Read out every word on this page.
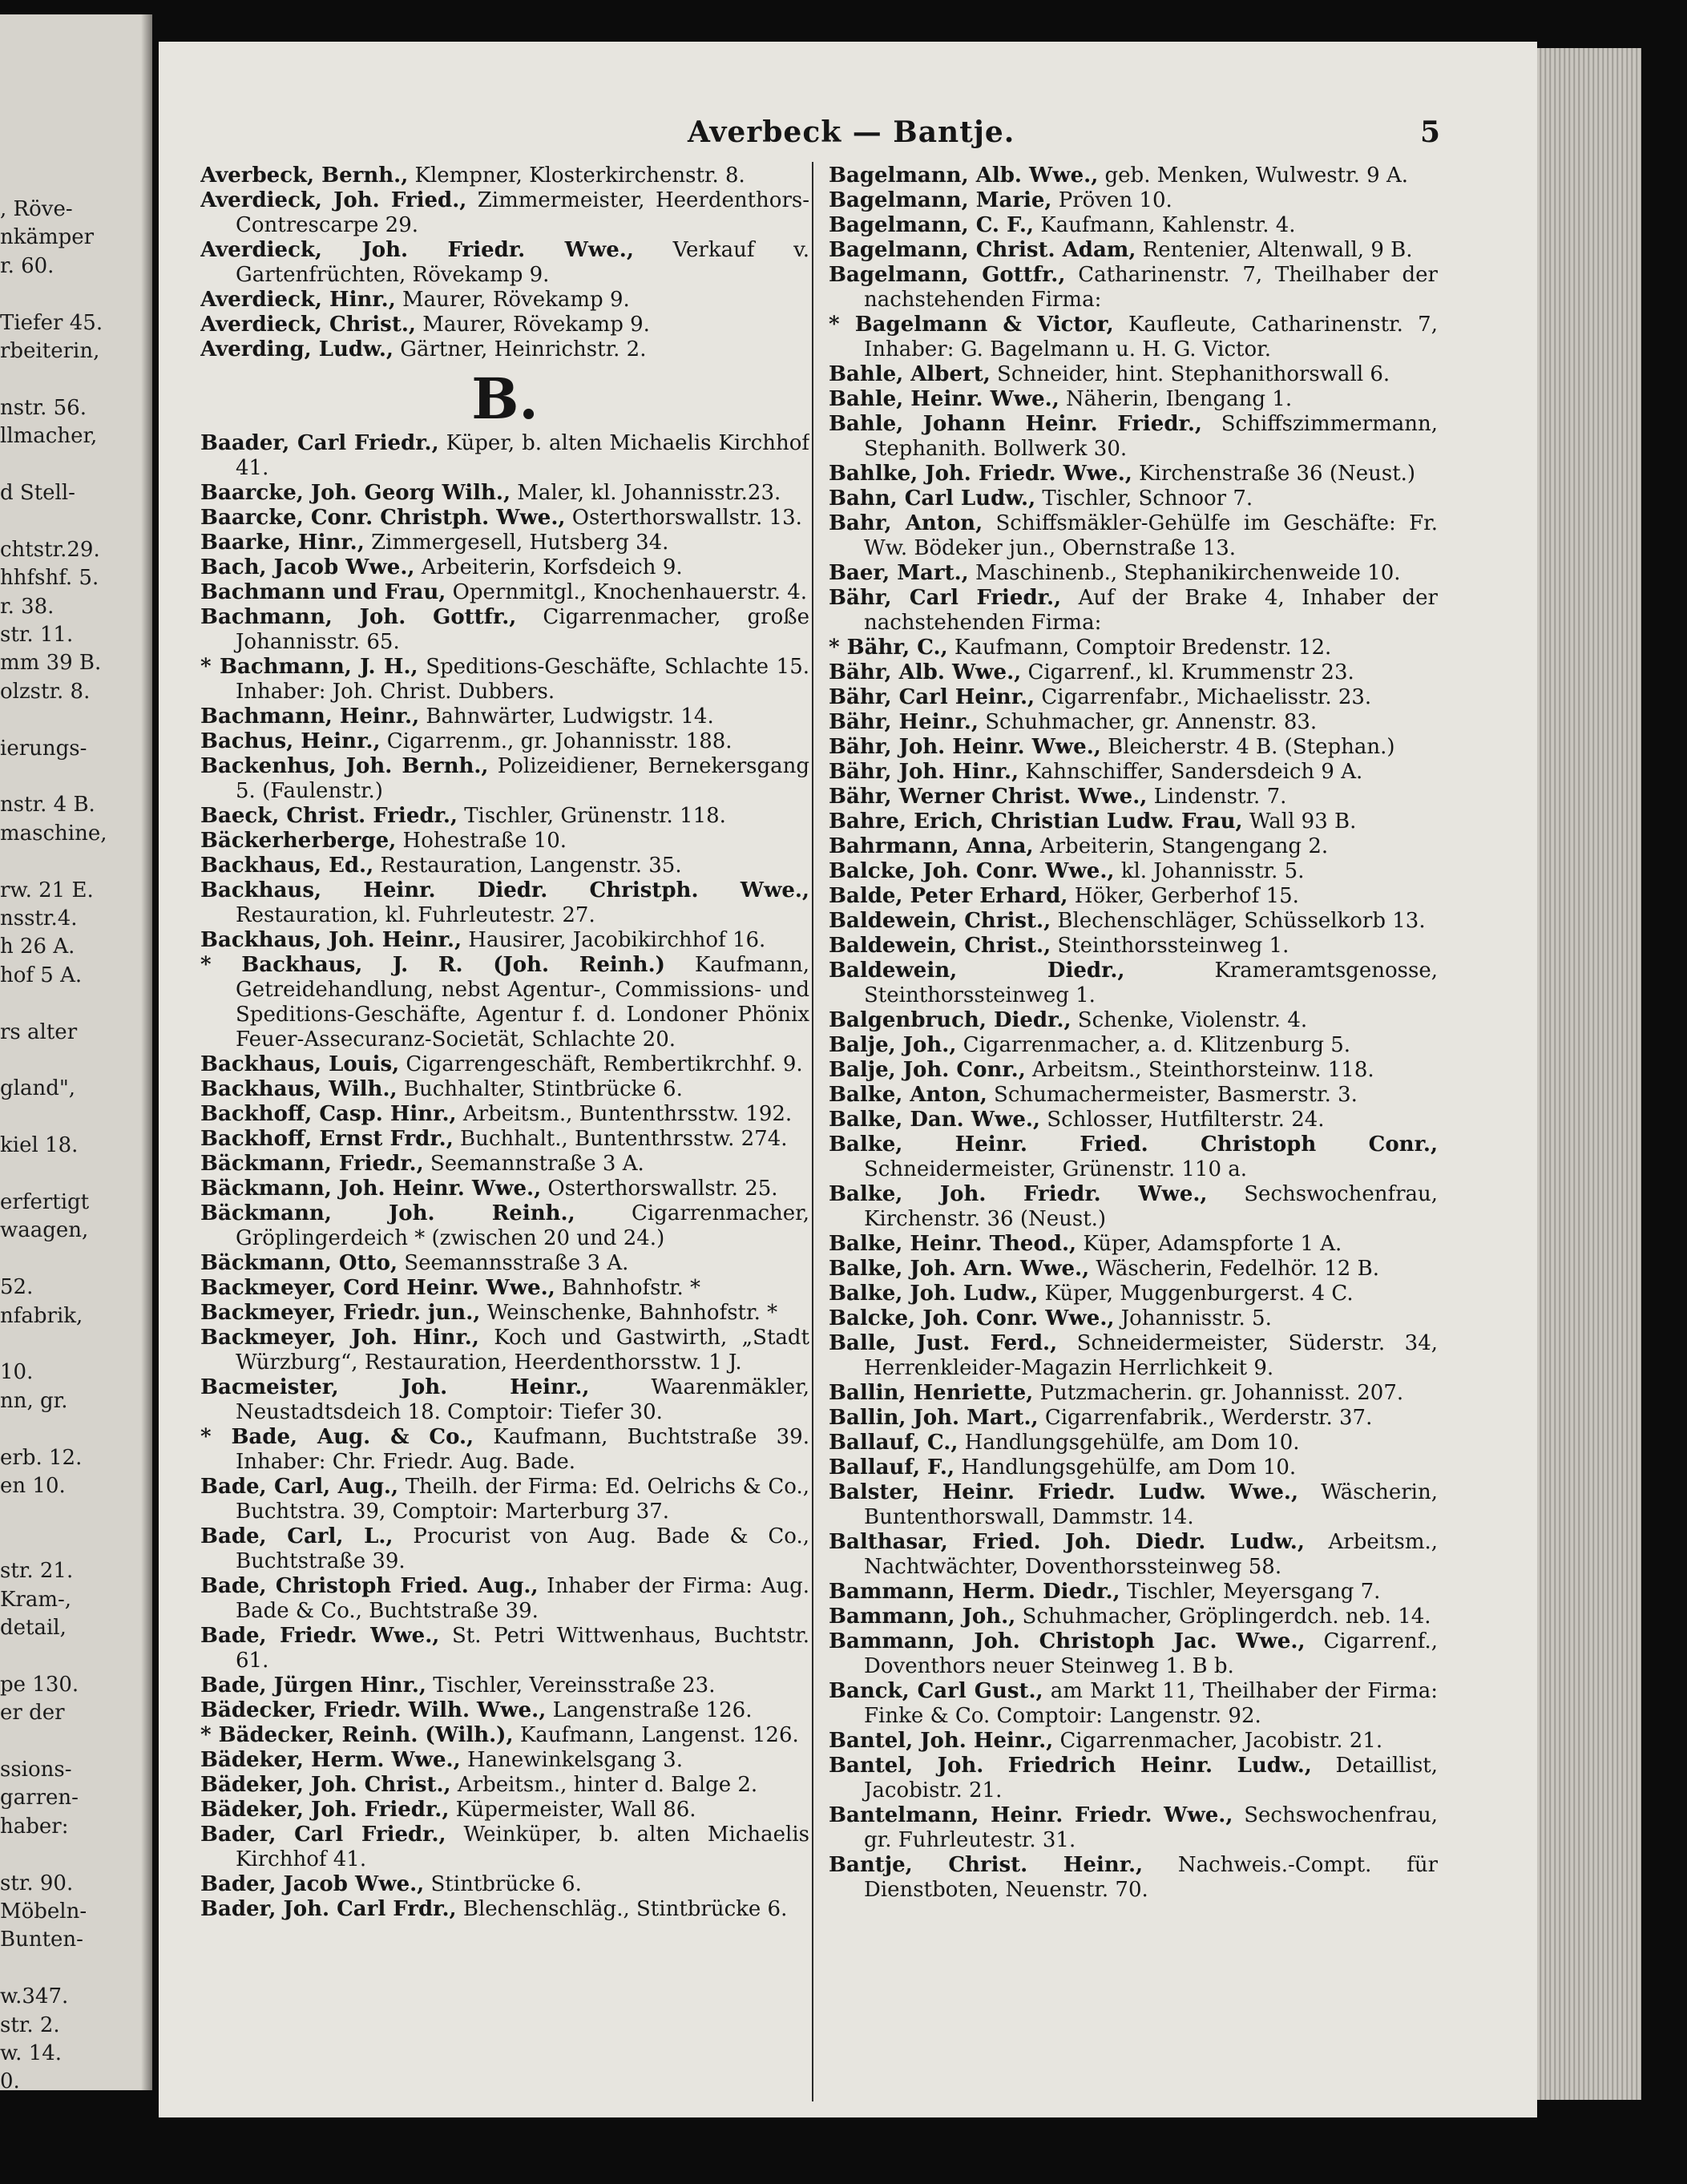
, Röve-
nkämper
r. 60.
Tiefer 45.
rbeiterin,
nstr. 56.
llmacher,
d Stell-
chtstr.29.
hhfshf. 5.
r. 38.
str. 11.
mm 39 B.
olzstr. 8.
ierungs-
nstr. 4 B.
maschine,
rw. 21 E.
nsstr.4.
h 26 A.
hof 5 A.
rs alter
gland",
kiel 18.
erfertigt
waagen,
52.
nfabrik,
10.
nn, gr.
erb. 12.
en 10.
str. 21.
Kram-,
detail,
pe 130.
er der
ssions-
garren-
haber:
str. 90.
Möbeln-
Bunten-
w.347.
str. 2.
w. 14.
0.
Averbeck — Bantje.	5

Averbeck, Bernh., Klempner, Klosterkirchenstr. 8.

Averdieck, Joh. Fried., Zimmermeister, Heerdenthors-Contrescarpe 29.

Averdieck, Joh. Friedr. Wwe., Verkauf v. Gartenfrüchten, Rövekamp 9.

Averdieck, Hinr., Maurer, Rövekamp 9.

Averdieck, Christ., Maurer, Rövekamp 9.

Averding, Ludw., Gärtner, Heinrichstr. 2.

B.

Baader, Carl Friedr., Küper, b. alten Michaelis Kirchhof 41.

Baarcke, Joh. Georg Wilh., Maler, kl. Johannisstr.23.

Baarcke, Conr. Christph. Wwe., Osterthorswallstr. 13.

Baarke, Hinr., Zimmergesell, Hutsberg 34.

Bach, Jacob Wwe., Arbeiterin, Korfsdeich 9.

Bachmann und Frau, Opernmitgl., Knochenhauerstr. 4.

Bachmann, Joh. Gottfr., Cigarrenmacher, große Johannisstr. 65.

* Bachmann, J. H., Speditions-Geschäfte, Schlachte 15. Inhaber: Joh. Christ. Dubbers.

Bachmann, Heinr., Bahnwärter, Ludwigstr. 14.

Bachus, Heinr., Cigarrenm., gr. Johannisstr. 188.

Backenhus, Joh. Bernh., Polizeidiener, Bernekersgang 5. (Faulenstr.)

Baeck, Christ. Friedr., Tischler, Grünenstr. 118.

Bäckerherberge, Hohestraße 10.

Backhaus, Ed., Restauration, Langenstr. 35.

Backhaus, Heinr. Diedr. Christph. Wwe., Restauration, kl. Fuhrleutestr. 27.

Backhaus, Joh. Heinr., Hausirer, Jacobikirchhof 16.

* Backhaus, J. R. (Joh. Reinh.) Kaufmann, Getreidehandlung, nebst Agentur-, Commissions- und Speditions-Geschäfte, Agentur f. d. Londoner Phönix Feuer-Assecuranz-Societät, Schlachte 20.

Backhaus, Louis, Cigarrengeschäft, Rembertikrchhf. 9.

Backhaus, Wilh., Buchhalter, Stintbrücke 6.

Backhoff, Casp. Hinr., Arbeitsm., Buntenthrsstw. 192.

Backhoff, Ernst Frdr., Buchhalt., Buntenthrsstw. 274.

Bäckmann, Friedr., Seemannstraße 3 A.

Bäckmann, Joh. Heinr. Wwe., Osterthorswallstr. 25.

Bäckmann, Joh. Reinh.,	Cigarrenmacher, Gröplingerdeich * (zwischen 20 und 24.)

Bäckmann, Otto, Seemannsstraße 3 A.

Backmeyer, Cord Heinr. Wwe., Bahnhofstr. *

Backmeyer, Friedr. jun., Weinschenke, Bahnhofstr. *

Backmeyer, Joh. Hinr., Koch und Gastwirth, „Stadt Würzburg“, Restauration, Heerdenthorsstw. 1 J.

Bacmeister, Joh. Heinr.,	Waarenmäkler, Neustadtsdeich 18. Comptoir: Tiefer 30.

* Bade, Aug. & Co., Kaufmann, Buchtstraße 39. Inhaber: Chr. Friedr. Aug. Bade.

Bade, Carl, Aug., Theilh. der Firma: Ed. Oelrichs & Co., Buchtstra. 39, Comptoir: Marterburg 37.

Bade, Carl, L., Procurist von Aug. Bade & Co., Buchtstraße 39.

Bade, Christoph Fried. Aug., Inhaber der Firma: Aug. Bade & Co., Buchtstraße 39.

Bade, Friedr. Wwe., St. Petri Wittwenhaus, Buchtstr. 61.

Bade, Jürgen Hinr., Tischler, Vereinsstraße 23.

Bädecker, Friedr. Wilh. Wwe., Langenstraße 126.

* Bädecker, Reinh. (Wilh.), Kaufmann, Langenst. 126.

Bädeker, Herm. Wwe., Hanewinkelsgang 3.

Bädeker, Joh. Christ., Arbeitsm., hinter d. Balge 2.

Bädeker, Joh. Friedr., Küpermeister, Wall 86.

Bader, Carl Friedr., Weinküper, b. alten Michaelis Kirchhof 41.

Bader, Jacob Wwe., Stintbrücke 6.

Bader, Joh. Carl Frdr., Blechenschläg., Stintbrücke 6.

Bagelmann, Alb. Wwe., geb. Menken, Wulwestr. 9 A.

Bagelmann, Marie, Pröven 10.

Bagelmann, C. F., Kaufmann, Kahlenstr. 4.

Bagelmann, Christ. Adam, Rentenier, Altenwall, 9 B.

Bagelmann, Gottfr., Catharinenstr. 7, Theilhaber der nachstehenden Firma:

* Bagelmann & Victor, Kaufleute, Catharinenstr. 7, Inhaber: G. Bagelmann u. H. G. Victor.

Bahle, Albert, Schneider, hint. Stephanithorswall 6.

Bahle, Heinr. Wwe., Näherin, Ibengang 1.

Bahle, Johann Heinr. Friedr., Schiffszimmermann, Stephanith. Bollwerk 30.

Bahlke, Joh. Friedr. Wwe., Kirchenstraße 36 (Neust.)

Bahn, Carl Ludw., Tischler, Schnoor 7.

Bahr, Anton, Schiffsmäkler-Gehülfe im Geschäfte: Fr. Ww. Bödeker jun., Obernstraße 13.

Baer, Mart., Maschinenb., Stephanikirchenweide 10.

Bähr, Carl Friedr., Auf der Brake 4, Inhaber der nachstehenden Firma:

* Bähr, C., Kaufmann, Comptoir Bredenstr. 12.

Bähr, Alb. Wwe., Cigarrenf., kl. Krummenstr 23.

Bähr, Carl Heinr., Cigarrenfabr., Michaelisstr. 23.

Bähr, Heinr., Schuhmacher, gr. Annenstr. 83.

Bähr, Joh. Heinr. Wwe., Bleicherstr. 4 B. (Stephan.)

Bähr, Joh. Hinr., Kahnschiffer, Sandersdeich 9 A.

Bähr, Werner Christ. Wwe., Lindenstr. 7.

Bahre, Erich, Christian Ludw. Frau, Wall 93 B.

Bahrmann, Anna, Arbeiterin, Stangengang 2.

Balcke, Joh. Conr. Wwe., kl. Johannisstr. 5.

Balde, Peter Erhard, Höker, Gerberhof 15.

Baldewein, Christ., Blechenschläger, Schüsselkorb 13.

Baldewein, Christ., Steinthorssteinweg 1.

Baldewein, Diedr.,	Krameramtsgenosse, Steinthorssteinweg 1.

Balgenbruch, Diedr., Schenke, Violenstr. 4.

Balje, Joh., Cigarrenmacher, a. d. Klitzenburg 5.

Balje, Joh. Conr., Arbeitsm., Steinthorsteinw. 118.

Balke, Anton, Schumachermeister, Basmerstr. 3.

Balke, Dan. Wwe., Schlosser, Hutfilterstr. 24.

Balke, Heinr. Fried. Christoph Conr., Schneidermeister, Grünenstr. 110 a.

Balke, Joh. Friedr. Wwe., Sechswochenfrau, Kirchenstr. 36 (Neust.)

Balke, Heinr. Theod., Küper, Adamspforte 1 A.

Balke, Joh. Arn. Wwe., Wäscherin, Fedelhör. 12 B.

Balke, Joh. Ludw., Küper, Muggenburgerst. 4 C.

Balcke, Joh. Conr. Wwe., Johannisstr. 5.

Balle, Just. Ferd., Schneidermeister, Süderstr. 34, Herrenkleider-Magazin Herrlichkeit 9.

Ballin, Henriette, Putzmacherin. gr. Johannisst. 207.

Ballin, Joh. Mart., Cigarrenfabrik., Werderstr. 37.

Ballauf, C., Handlungsgehülfe, am Dom 10.

Ballauf, F., Handlungsgehülfe, am Dom 10.

Balster, Heinr. Friedr. Ludw. Wwe., Wäscherin, Buntenthorswall, Dammstr. 14.

Balthasar, Fried. Joh. Diedr. Ludw., Arbeitsm., Nachtwächter, Doventhorssteinweg 58.

Bammann, Herm. Diedr., Tischler, Meyersgang 7.

Bammann, Joh., Schuhmacher, Gröplingerdch. neb. 14.

Bammann, Joh. Christoph Jac. Wwe., Cigarrenf., Doventhors neuer Steinweg 1. B b.

Banck, Carl Gust., am Markt 11, Theilhaber der Firma: Finke & Co. Comptoir: Langenstr. 92.

Bantel, Joh. Heinr., Cigarrenmacher, Jacobistr. 21.

Bantel, Joh. Friedrich Heinr. Ludw., Detaillist, Jacobistr. 21.

Bantelmann, Heinr. Friedr. Wwe., Sechswochenfrau, gr. Fuhrleutestr. 31.

Bantje, Christ. Heinr., Nachweis.-Compt. für Dienstboten, Neuenstr. 70.
